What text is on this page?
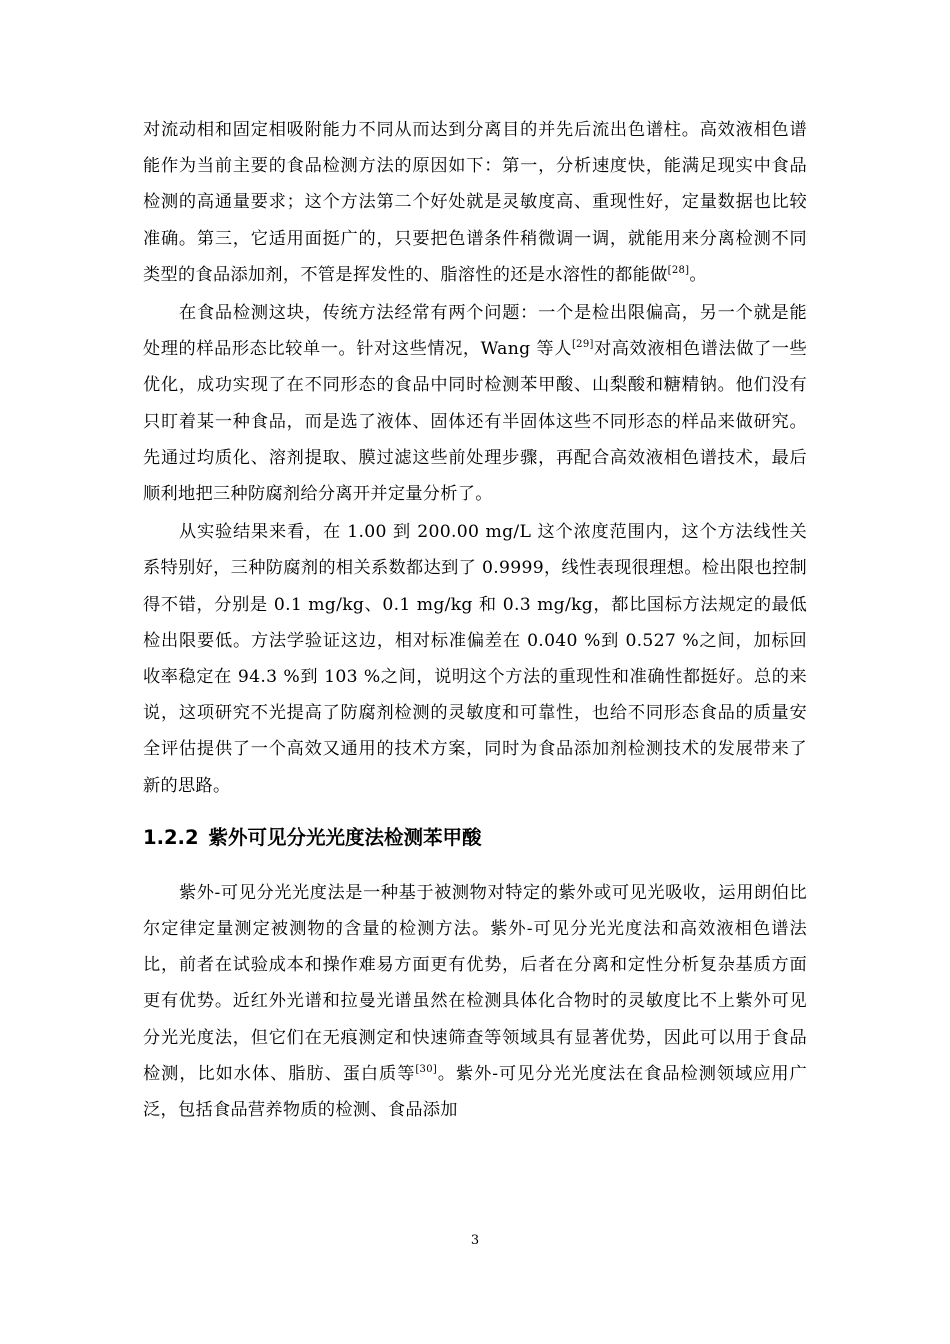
对流动相和固定相吸附能力不同从而达到分离目的并先后流出色谱柱。高效液相色谱能作为当前主要的食品检测方法的原因如下：第一，分析速度快，能满足现实中食品检测的高通量要求；这个方法第二个好处就是灵敏度高、重现性好，定量数据也比较准确。第三，它适用面挺广的，只要把色谱条件稍微调一调，就能用来分离检测不同类型的食品添加剂，不管是挥发性的、脂溶性的还是水溶性的都能做[28]。

在食品检测这块，传统方法经常有两个问题：一个是检出限偏高，另一个就是能处理的样品形态比较单一。针对这些情况，Wang 等人[29]对高效液相色谱法做了一些优化，成功实现了在不同形态的食品中同时检测苯甲酸、山梨酸和糖精钠。他们没有只盯着某一种食品，而是选了液体、固体还有半固体这些不同形态的样品来做研究。先通过均质化、溶剂提取、膜过滤这些前处理步骤，再配合高效液相色谱技术，最后顺利地把三种防腐剂给分离开并定量分析了。

从实验结果来看，在 1.00 到 200.00 mg/L 这个浓度范围内，这个方法线性关系特别好，三种防腐剂的相关系数都达到了 0.9999，线性表现很理想。检出限也控制得不错，分别是 0.1 mg/kg、0.1 mg/kg 和 0.3 mg/kg，都比国标方法规定的最低检出限要低。方法学验证这边，相对标准偏差在 0.040 %到 0.527 %之间，加标回收率稳定在 94.3 %到 103 %之间，说明这个方法的重现性和准确性都挺好。总的来说，这项研究不光提高了防腐剂检测的灵敏度和可靠性，也给不同形态食品的质量安全评估提供了一个高效又通用的技术方案，同时为食品添加剂检测技术的发展带来了新的思路。

1.2.2 紫外可见分光光度法检测苯甲酸

紫外-可见分光光度法是一种基于被测物对特定的紫外或可见光吸收，运用朗伯比尔定律定量测定被测物的含量的检测方法。紫外-可见分光光度法和高效液相色谱法比，前者在试验成本和操作难易方面更有优势，后者在分离和定性分析复杂基质方面更有优势。近红外光谱和拉曼光谱虽然在检测具体化合物时的灵敏度比不上紫外可见分光光度法，但它们在无痕测定和快速筛查等领域具有显著优势，因此可以用于食品检测，比如水体、脂肪、蛋白质等[30]。紫外-可见分光光度法在食品检测领域应用广泛，包括食品营养物质的检测、食品添加

3
